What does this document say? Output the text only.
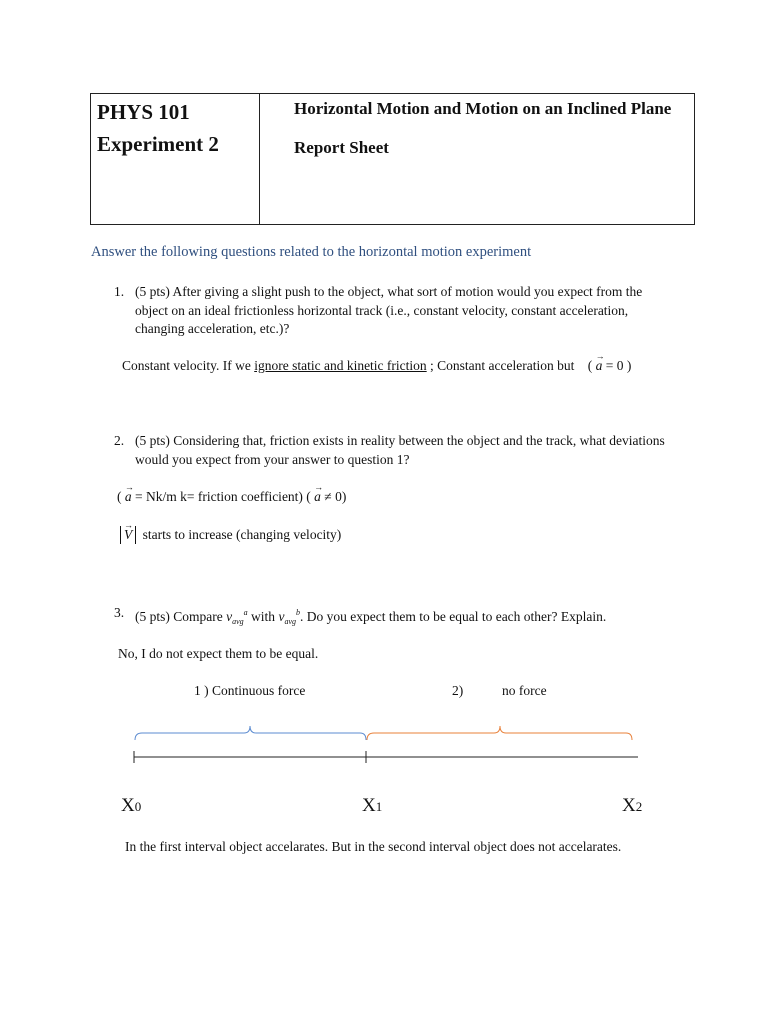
PHYS 101
Experiment 2
Horizontal Motion and Motion on an Inclined Plane
Report Sheet
Answer the following questions related to the horizontal motion experiment
1. (5 pts) After giving a slight push to the object, what sort of motion would you expect from the
object on an ideal frictionless horizontal track (i.e., constant velocity, constant acceleration,
changing acceleration, etc.)?
Constant velocity. If we ignore static and kinetic friction ; Constant acceleration but ( → a = 0 )
2. (5 pts) Considering that, friction exists in reality between the object and the track, what deviations
would you expect from your answer to question 1?
( → a = Nk/m k= friction coefficient) ( → a ≠ 0)
→ V starts to increase (changing velocity)
3. (5 pts) Compare $v_{avg}^a$ with $v_{avg}^b$. Do you expect them to be equal to each other? Explain.
No, I do not expect them to be equal.
1 ) Continuous force	2)	no force
X0	X1	X2
In the first interval object accelarates. But in the second interval object does not accelarates.
